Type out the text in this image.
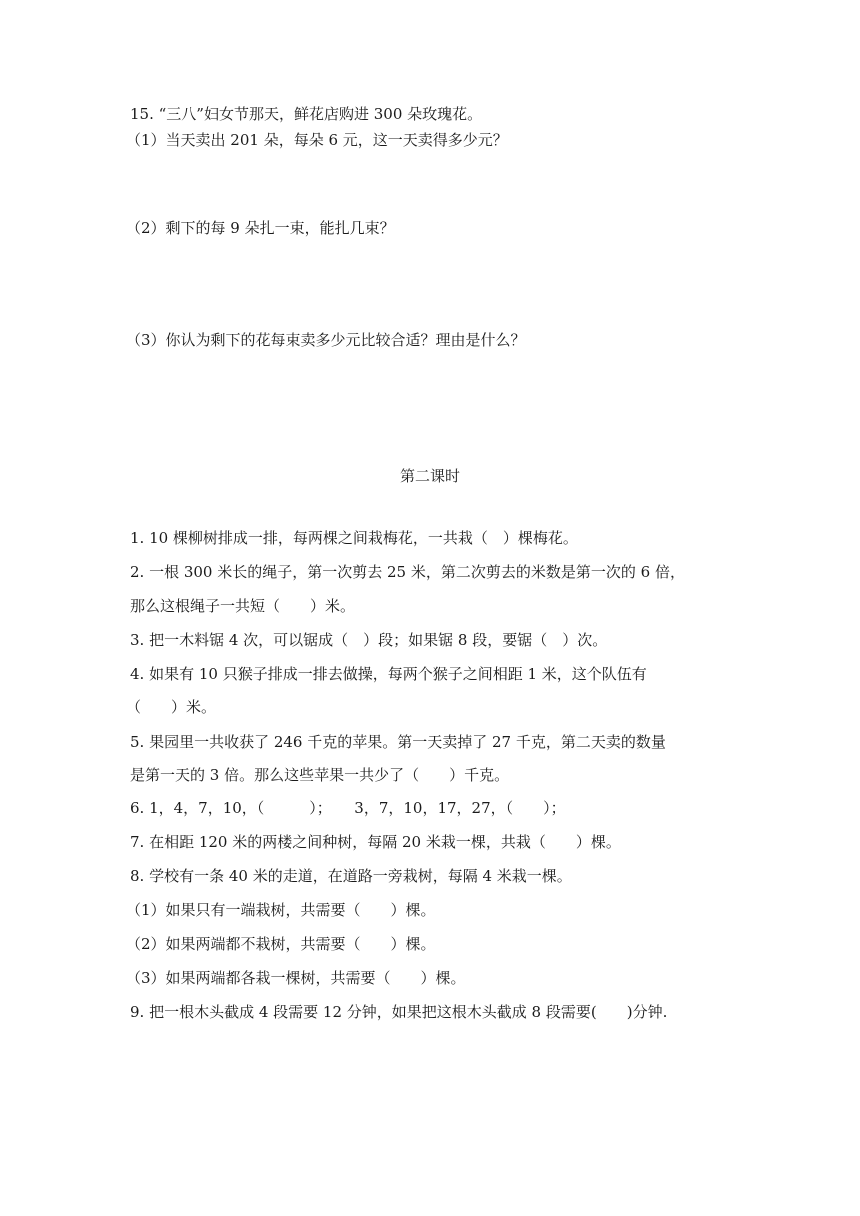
15. “三八”妇女节那天，鲜花店购进 300 朵玫瑰花。
（1）当天卖出 201 朵，每朵 6 元，这一天卖得多少元？
（2）剩下的每 9 朵扎一束，能扎几束？
（3）你认为剩下的花每束卖多少元比较合适？理由是什么？
第二课时
1. 10 棵柳树排成一排，每两棵之间栽梅花，一共栽（　）棵梅花。
2. 一根 300 米长的绳子，第一次剪去 25 米，第二次剪去的米数是第一次的 6 倍，
那么这根绳子一共短（　　）米。
3. 把一木料锯 4 次，可以锯成（　）段；如果锯 8 段，要锯（　）次。
4. 如果有 10 只猴子排成一排去做操，每两个猴子之间相距 1 米，这个队伍有
（　　）米。
5. 果园里一共收获了 246 千克的苹果。第一天卖掉了 27 千克，第二天卖的数量
是第一天的 3 倍。那么这些苹果一共少了（　　）千克。
6. 1，4，7，10，（　　　）；　　3，7，10，17，27，（　　）；
7. 在相距 120 米的两楼之间种树，每隔 20 米栽一棵，共栽（　　）棵。
8. 学校有一条 40 米的走道，在道路一旁栽树，每隔 4 米栽一棵。
（1）如果只有一端栽树，共需要（　　）棵。
（2）如果两端都不栽树，共需要（　　）棵。
（3）如果两端都各栽一棵树，共需要（　　）棵。
9. 把一根木头截成 4 段需要 12 分钟，如果把这根木头截成 8 段需要(　　)分钟.
